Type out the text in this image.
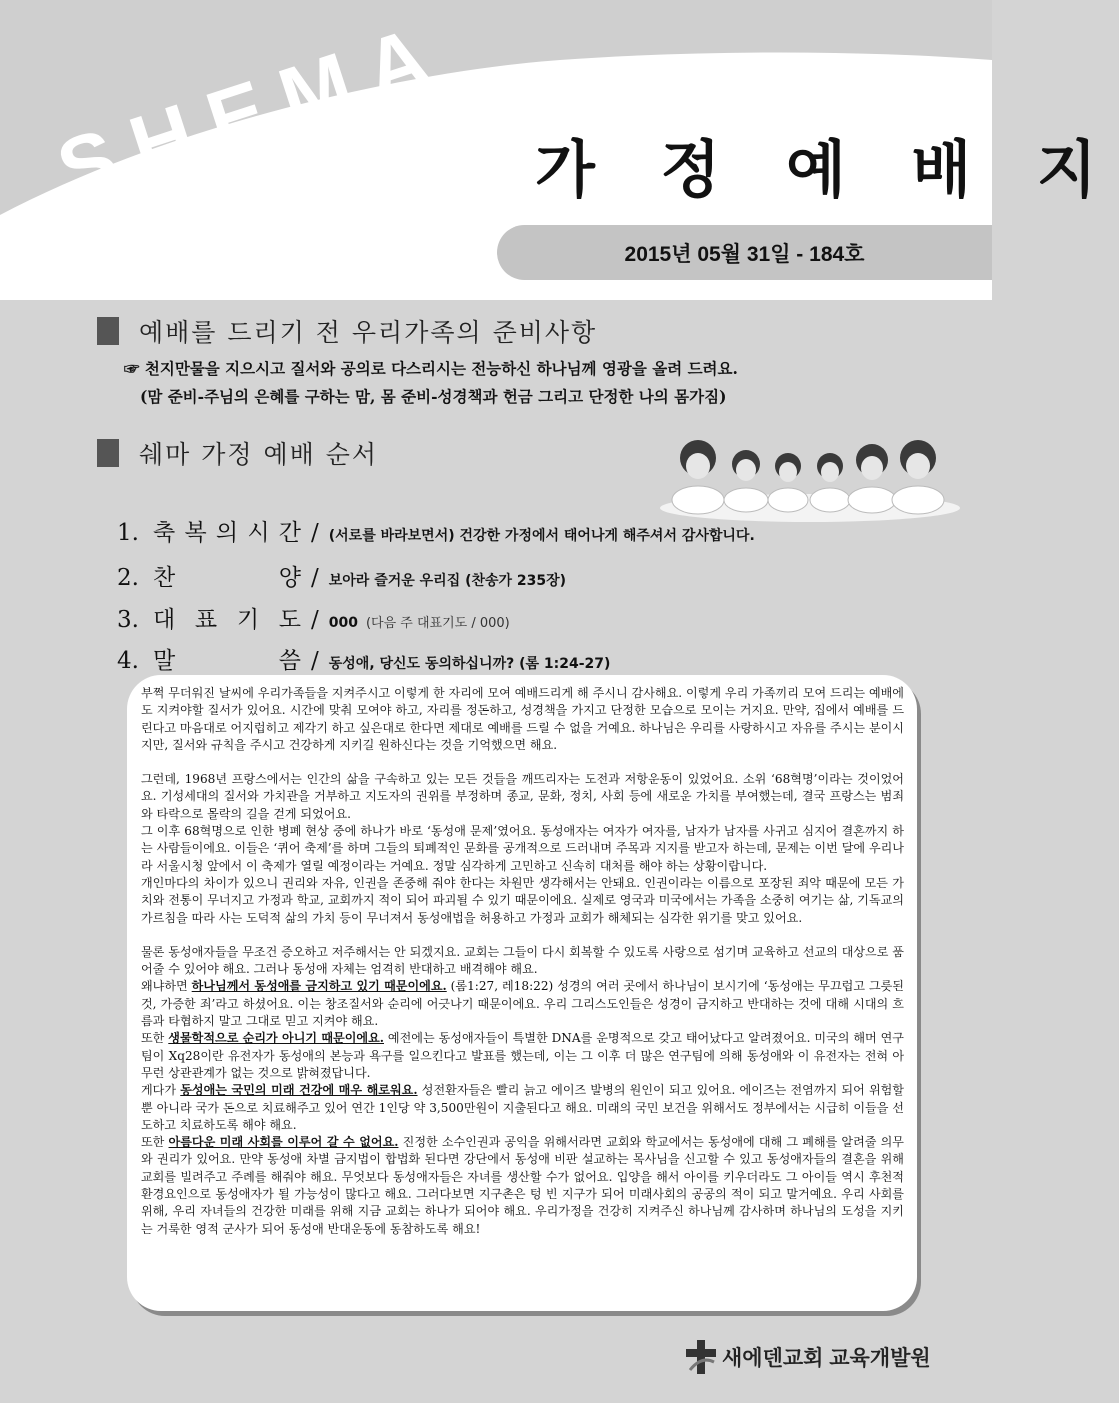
SHEMA 가 정 예 배 지
2015년 05월 31일 - 184호
예배를 드리기 전 우리가족의 준비사항
☞ 천지만물을 지으시고 질서와 공의로 다스리시는 전능하신 하나님께 영광을 올려 드려요.
(맘 준비-주님의 은혜를 구하는 맘, 몸 준비-성경책과 헌금 그리고 단정한 나의 몸가짐)
쉐마 가정 예배 순서
1. 축 복 의 시 간 / (서로를 바라보면서) 건강한 가정에서 태어나게 해주셔서 감사합니다.
2. 찬	양 / 보아라 즐거운 우리집 (찬송가 235장)
3. 대 표 기 도 / 000 (다음 주 대표기도 / 000)
4. 말	씀 / 동성애, 당신도 동의하십니까? (롬 1:24-27)

부쩍 무더워진 날씨에 우리가족들을 지켜주시고 이렇게 한 자리에 모여 예배드리게 해 주시니 감사해요. 이렇게 우리 가족끼리 모여 드리는 예배에도 지켜야할 질서가 있어요. 시간에 맞춰 모여야 하고, 자리를 정돈하고, 성경책을 가지고 단정한 모습으로 모이는 거지요. 만약, 집에서 예배를 드린다고 마음대로 어지럽히고 제각기 하고 싶은대로 한다면 제대로 예배를 드릴 수 없을 거예요. 하나님은 우리를 사랑하시고 자유를 주시는 분이시지만, 질서와 규칙을 주시고 건강하게 지키길 원하신다는 것을 기억했으면 해요.

그런데, 1968년 프랑스에서는 인간의 삶을 구속하고 있는 모든 것들을 깨뜨리자는 도전과 저항운동이 있었어요. 소위 ‘68혁명’이라는 것이었어요. 기성세대의 질서와 가치관을 거부하고 지도자의 권위를 부정하며 종교, 문화, 정치, 사회 등에 새로운 가치를 부여했는데, 결국 프랑스는 범죄와 타락으로 몰락의 길을 걷게 되었어요.

그 이후 68혁명으로 인한 병폐 현상 중에 하나가 바로 ‘동성애 문제’였어요. 동성애자는 여자가 여자를, 남자가 남자를 사귀고 심지어 결혼까지 하는 사람들이에요. 이들은 ‘퀴어 축제’를 하며 그들의 퇴폐적인 문화를 공개적으로 드러내며 주목과 지지를 받고자 하는데, 문제는 이번 달에 우리나라 서울시청 앞에서 이 축제가 열릴 예정이라는 거예요. 정말 심각하게 고민하고 신속히 대처를 해야 하는 상황이랍니다.

개인마다의 차이가 있으니 권리와 자유, 인권을 존중해 줘야 한다는 차원만 생각해서는 안돼요. 인권이라는 이름으로 포장된 죄악 때문에 모든 가치와 전통이 무너지고 가정과 학교, 교회까지 적이 되어 파괴될 수 있기 때문이에요. 실제로 영국과 미국에서는 가족을 소중히 여기는 삶, 기독교의 가르침을 따라 사는 도덕적 삶의 가치 등이 무너져서 동성애법을 허용하고 가정과 교회가 해체되는 심각한 위기를 맞고 있어요.

물론 동성애자들을 무조건 증오하고 저주해서는 안 되겠지요. 교회는 그들이 다시 회복할 수 있도록 사랑으로 섬기며 교육하고 선교의 대상으로 품어줄 수 있어야 해요. 그러나 동성애 자체는 엄격히 반대하고 배격해야 해요.

왜냐하면 하나님께서 동성애를 금지하고 있기 때문이에요. (롬1:27, 레18:22) 성경의 여러 곳에서 하나님이 보시기에 ‘동성애는 무끄럽고 그릇된 것, 가증한 죄’라고 하셨어요. 이는 창조질서와 순리에 어긋나기 때문이에요. 우리 그리스도인들은 성경이 금지하고 반대하는 것에 대해 시대의 흐름과 타협하지 말고 그대로 믿고 지켜야 해요.

또한 생물학적으로 순리가 아니기 때문이에요. 예전에는 동성애자들이 특별한 DNA를 운명적으로 갖고 태어났다고 알려졌어요. 미국의 해머 연구팀이 Xq28이란 유전자가 동성애의 본능과 욕구를 일으킨다고 발표를 했는데, 이는 그 이후 더 많은 연구팀에 의해 동성애와 이 유전자는 전혀 아무런 상관관계가 없는 것으로 밝혀졌답니다.

게다가 동성애는 국민의 미래 건강에 매우 해로워요. 성전환자들은 빨리 늙고 에이즈 발병의 원인이 되고 있어요. 에이즈는 전염까지 되어 위험할 뿐 아니라 국가 돈으로 치료해주고 있어 연간 1인당 약 3,500만원이 지출된다고 해요. 미래의 국민 보건을 위해서도 정부에서는 시급히 이들을 선도하고 치료하도록 해야 해요.

또한 아름다운 미래 사회를 이루어 갈 수 없어요. 진정한 소수인권과 공익을 위해서라면 교회와 학교에서는 동성애에 대해 그 폐해를 알려줄 의무와 권리가 있어요. 만약 동성애 차별 금지법이 합법화 된다면 강단에서 동성애 비판 설교하는 목사님을 신고할 수 있고 동성애자들의 결혼을 위해 교회를 빌려주고 주례를 해줘야 해요. 무엇보다 동성애자들은 자녀를 생산할 수가 없어요. 입양을 해서 아이를 키우더라도 그 아이들 역시 후천적 환경요인으로 동성애자가 될 가능성이 많다고 해요. 그러다보면 지구촌은 텅 빈 지구가 되어 미래사회의 공공의 적이 되고 말거예요. 우리 사회를 위해, 우리 자녀들의 건강한 미래를 위해 지금 교회는 하나가 되어야 해요. 우리가정을 건강히 지켜주신 하나님께 감사하며 하나님의 도성을 지키는 거룩한 영적 군사가 되어 동성애 반대운동에 동참하도록 해요!

새에덴교회 교육개발원
